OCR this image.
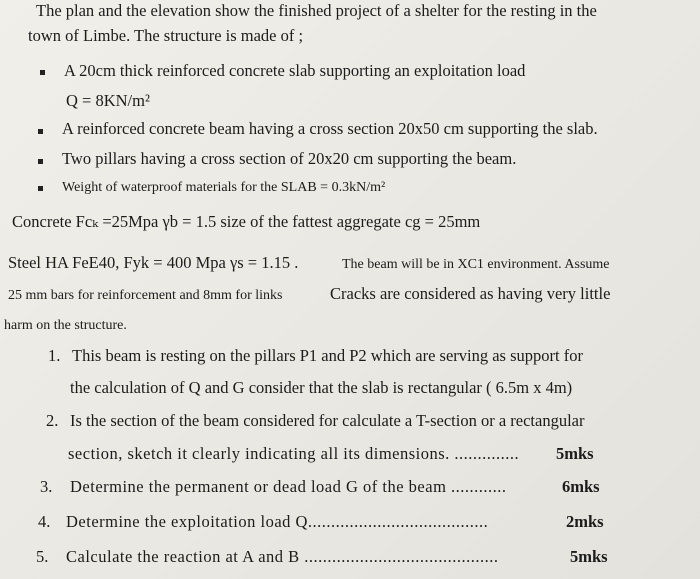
The plan and the elevation show the finished project of a shelter for the resting in the
town of Limbe. The structure is made of ;
A 20cm thick reinforced concrete slab supporting an exploitation load
Q = 8KN/m²
A reinforced concrete beam having a cross section 20x50 cm supporting the slab.
Two pillars having a cross section of 20x20 cm supporting the beam.
Weight of waterproof materials for the SLAB = 0.3kN/m²
Concrete Fcₖ =25Mpa γb = 1.5 size of the fattest aggregate cg = 25mm
Steel HA FeE40, Fyk = 400 Mpa γs = 1.15 .	The beam will be in XC1 environment. Assume
25 mm bars for reinforcement and 8mm for links	Cracks are considered as having very little
harm on the structure.
1. This beam is resting on the pillars P1 and P2 which are serving as support for
the calculation of Q and G consider that the slab is rectangular ( 6.5m x 4m)
2. Is the section of the beam considered for calculate a T-section or a rectangular
section, sketch it clearly indicating all its dimensions. .............. 5mks
3. Determine the permanent or dead load G of the beam ............	6mks
4. Determine the exploitation load Q.......................................	2mks
5. Calculate the reaction at A and B ..........................................	5mks
